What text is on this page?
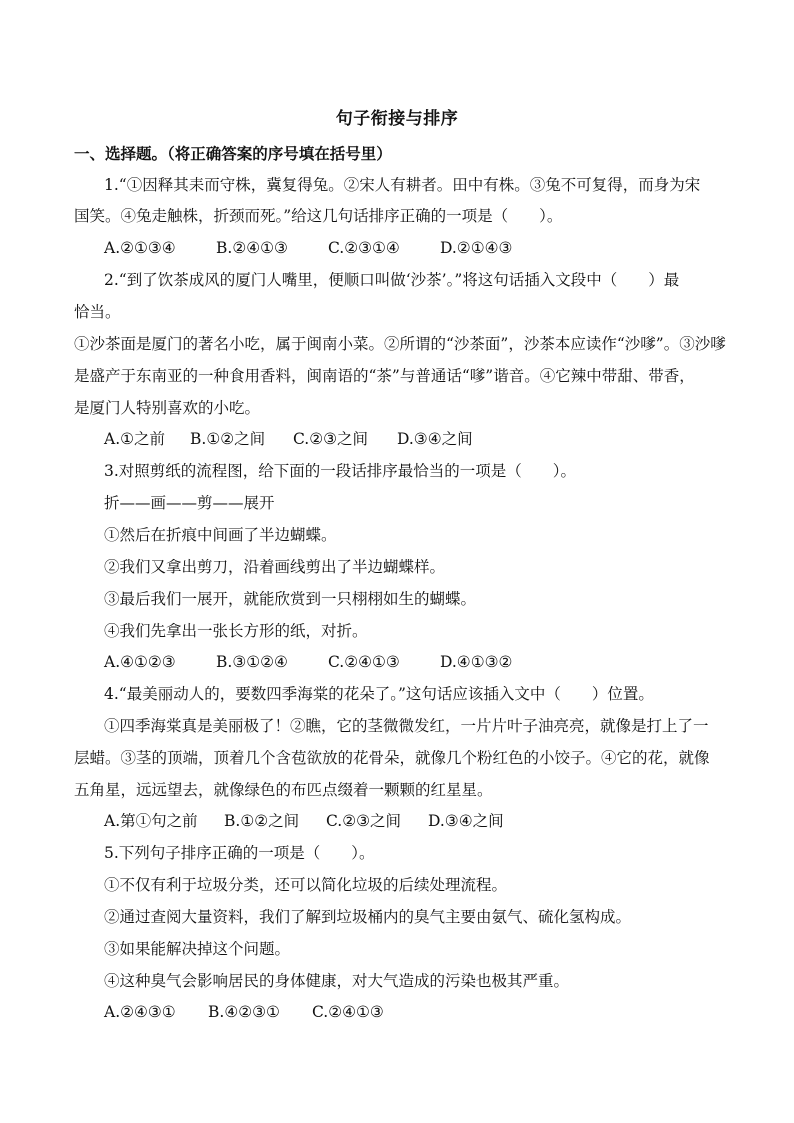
句子衔接与排序
一、选择题。（将正确答案的序号填在括号里）
1.“①因释其耒而守株，冀复得兔。②宋人有耕者。田中有株。③兔不可复得，而身为宋
国笑。④兔走触株，折颈而死。”给这几句话排序正确的一项是（　　）。
A.②①③④	B.②④①③	C.②③①④	D.②①④③
2.“到了饮茶成风的厦门人嘴里，便顺口叫做‘沙茶’。”将这句话插入文段中（　　）最
恰当。
①沙茶面是厦门的著名小吃，属于闽南小菜。②所谓的“沙茶面”，沙茶本应读作“沙嗲”。③沙嗲
是盛产于东南亚的一种食用香料，闽南语的“茶”与普通话“嗲”谐音。④它辣中带甜、带香，
是厦门人特别喜欢的小吃。
A.①之前 B.①②之间 C.②③之间 D.③④之间
3.对照剪纸的流程图，给下面的一段话排序最恰当的一项是（　　）。
折——画——剪——展开
①然后在折痕中间画了半边蝴蝶。
②我们又拿出剪刀，沿着画线剪出了半边蝴蝶样。
③最后我们一展开，就能欣赏到一只栩栩如生的蝴蝶。
④我们先拿出一张长方形的纸，对折。
A.④①②③	B.③①②④	C.②④①③	D.④①③②
4.“最美丽动人的，要数四季海棠的花朵了。”这句话应该插入文中（　　）位置。
①四季海棠真是美丽极了！②瞧，它的茎微微发红，一片片叶子油亮亮，就像是打上了一
层蜡。③茎的顶端，顶着几个含苞欲放的花骨朵，就像几个粉红色的小饺子。④它的花，就像
五角星，远远望去，就像绿色的布匹点缀着一颗颗的红星星。
A.第①句之前 B.①②之间 C.②③之间 D.③④之间
5.下列句子排序正确的一项是（　　）。
①不仅有利于垃圾分类，还可以简化垃圾的后续处理流程。
②通过查阅大量资料，我们了解到垃圾桶内的臭气主要由氨气、硫化氢构成。
③如果能解决掉这个问题。
④这种臭气会影响居民的身体健康，对大气造成的污染也极其严重。
A.②④③① B.④②③① C.②④①③
